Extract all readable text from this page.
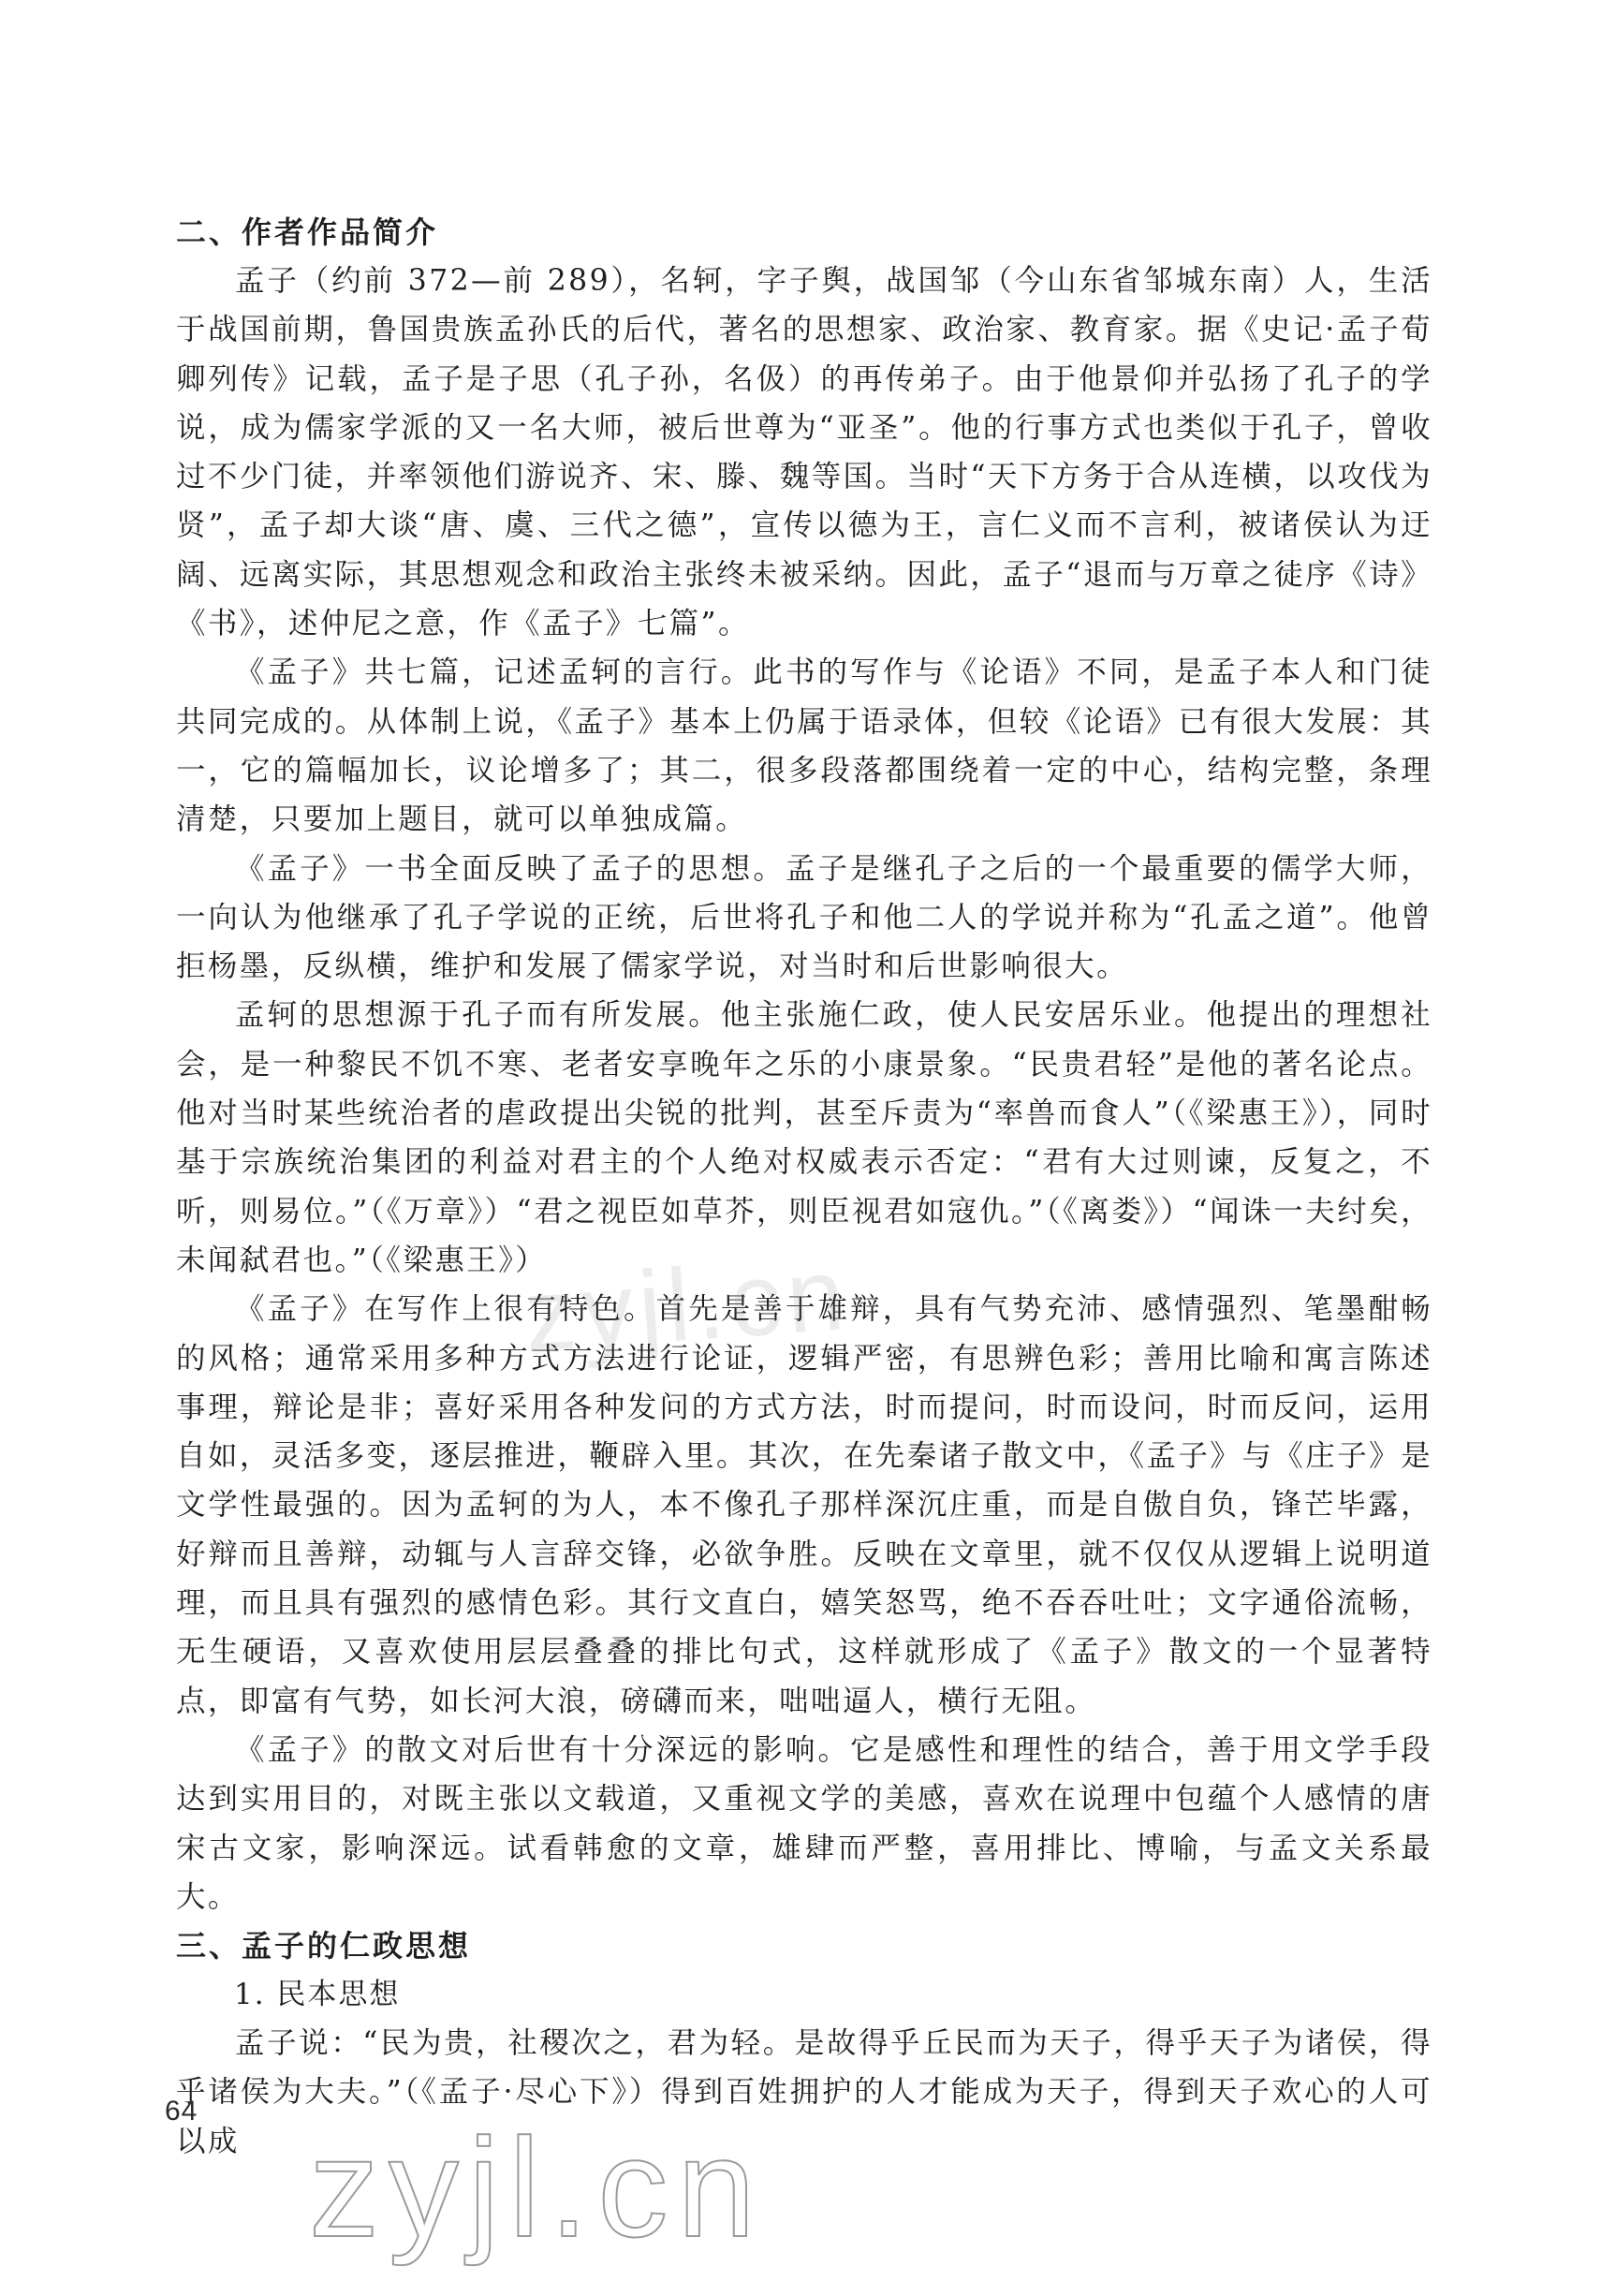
二、作者作品简介

孟子（约前 372—前 289），名轲，字子舆，战国邹（今山东省邹城东南）人，生活于战国前期，鲁国贵族孟孙氏的后代，著名的思想家、政治家、教育家。据《史记·孟子荀卿列传》记载，孟子是子思（孔子孙，名伋）的再传弟子。由于他景仰并弘扬了孔子的学说，成为儒家学派的又一名大师，被后世尊为“亚圣”。他的行事方式也类似于孔子，曾收过不少门徒，并率领他们游说齐、宋、滕、魏等国。当时“天下方务于合从连横，以攻伐为贤”，孟子却大谈“唐、虞、三代之德”，宣传以德为王，言仁义而不言利，被诸侯认为迂阔、远离实际，其思想观念和政治主张终未被采纳。因此，孟子“退而与万章之徒序《诗》《书》，述仲尼之意，作《孟子》七篇”。

《孟子》共七篇，记述孟轲的言行。此书的写作与《论语》不同，是孟子本人和门徒共同完成的。从体制上说，《孟子》基本上仍属于语录体，但较《论语》已有很大发展：其一，它的篇幅加长，议论增多了；其二，很多段落都围绕着一定的中心，结构完整，条理清楚，只要加上题目，就可以单独成篇。

《孟子》一书全面反映了孟子的思想。孟子是继孔子之后的一个最重要的儒学大师，一向认为他继承了孔子学说的正统，后世将孔子和他二人的学说并称为“孔孟之道”。他曾拒杨墨，反纵横，维护和发展了儒家学说，对当时和后世影响很大。

孟轲的思想源于孔子而有所发展。他主张施仁政，使人民安居乐业。他提出的理想社会，是一种黎民不饥不寒、老者安享晚年之乐的小康景象。“民贵君轻”是他的著名论点。他对当时某些统治者的虐政提出尖锐的批判，甚至斥责为“率兽而食人”（《梁惠王》），同时基于宗族统治集团的利益对君主的个人绝对权威表示否定：“君有大过则谏，反复之，不听，则易位。”（《万章》）“君之视臣如草芥，则臣视君如寇仇。”（《离娄》）“闻诛一夫纣矣，未闻弑君也。”（《梁惠王》）

《孟子》在写作上很有特色。首先是善于雄辩，具有气势充沛、感情强烈、笔墨酣畅的风格；通常采用多种方式方法进行论证，逻辑严密，有思辨色彩；善用比喻和寓言陈述事理，辩论是非；喜好采用各种发问的方式方法，时而提问，时而设问，时而反问，运用自如，灵活多变，逐层推进，鞭辟入里。其次，在先秦诸子散文中，《孟子》与《庄子》是文学性最强的。因为孟轲的为人，本不像孔子那样深沉庄重，而是自傲自负，锋芒毕露，好辩而且善辩，动辄与人言辞交锋，必欲争胜。反映在文章里，就不仅仅从逻辑上说明道理，而且具有强烈的感情色彩。其行文直白，嬉笑怒骂，绝不吞吞吐吐；文字通俗流畅，无生硬语，又喜欢使用层层叠叠的排比句式，这样就形成了《孟子》散文的一个显著特点，即富有气势，如长河大浪，磅礴而来，咄咄逼人，横行无阻。

《孟子》的散文对后世有十分深远的影响。它是感性和理性的结合，善于用文学手段达到实用目的，对既主张以文载道，又重视文学的美感，喜欢在说理中包蕴个人感情的唐宋古文家，影响深远。试看韩愈的文章，雄肆而严整，喜用排比、博喻，与孟文关系最大。

三、孟子的仁政思想

1. 民本思想

孟子说：“民为贵，社稷次之，君为轻。是故得乎丘民而为天子，得乎天子为诸侯，得乎诸侯为大夫。”（《孟子·尽心下》）得到百姓拥护的人才能成为天子，得到天子欢心的人可以成

zyjl.cn
64 zyjl.cn
